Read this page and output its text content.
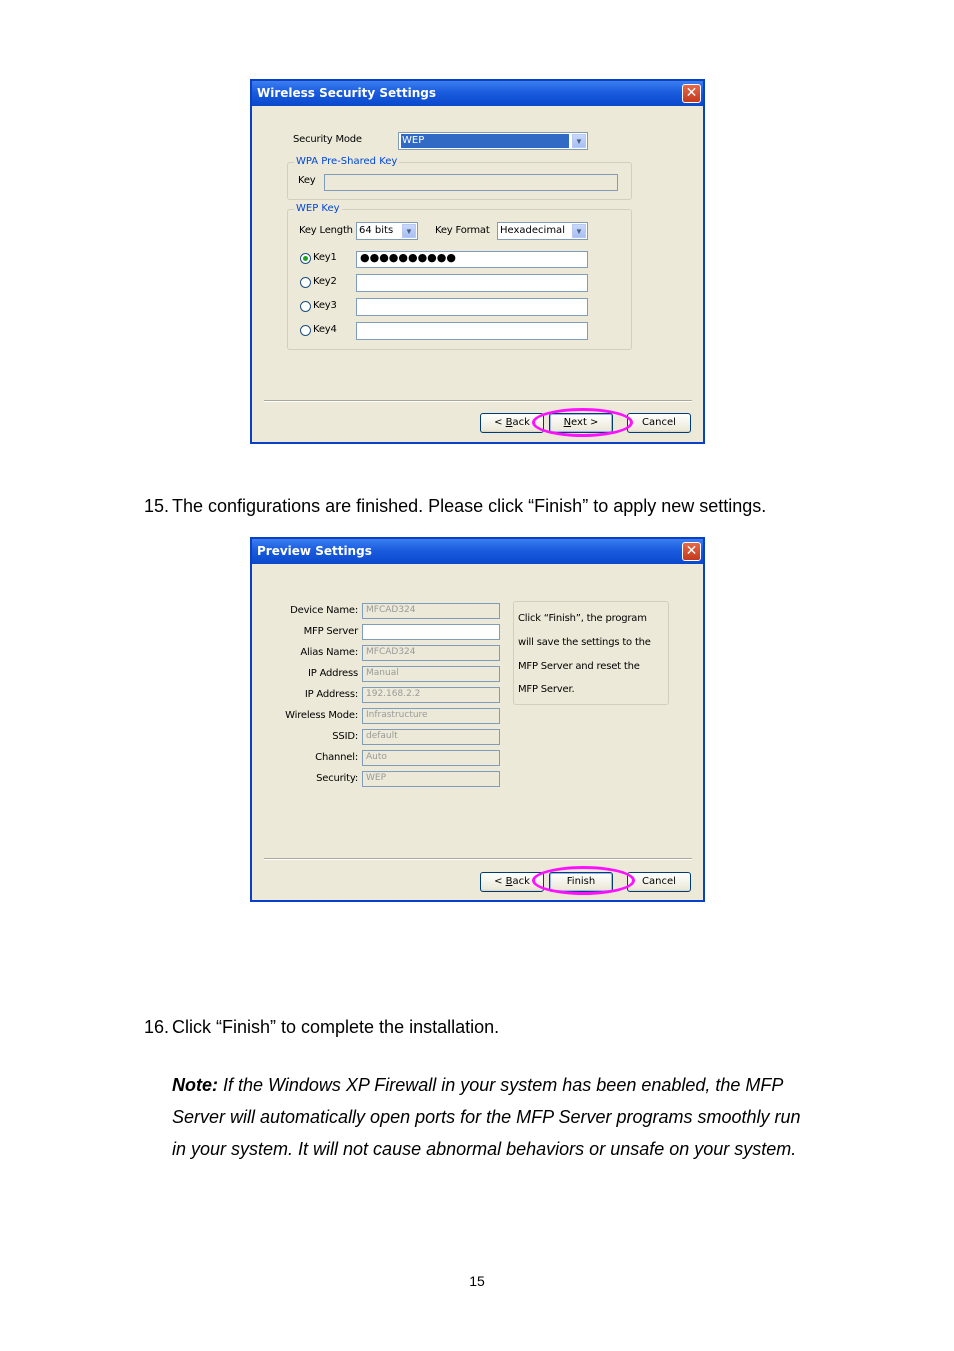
Wireless Security Settings	✕
Security Mode	WEP	▼
WPA Pre-Shared Key
Key
WEP Key
Key Length 64 bits	▼	Key Format Hexadecimal	▼
Key1 ●●●●●●●●●●
Key2
Key3
Key4
< Back	Next >	Cancel
15. The configurations are finished. Please click “Finish” to apply new settings.
Preview Settings	✕
Device Name: MFCAD324
MFP Server
Alias Name: MFCAD324
IP Address Manual
IP Address: 192.168.2.2
Wireless Mode: Infrastructure
SSID: default
Channel: Auto
Security: WEP
Click “Finish”, the program
will save the settings to the
MFP Server and reset the
MFP Server.
< Back	Finish	Cancel
16. Click “Finish” to complete the installation.
Note: If the Windows XP Firewall in your system has been enabled, the MFP Server will automatically open ports for the MFP Server programs smoothly run in your system. It will not cause abnormal behaviors or unsafe on your system.
15
